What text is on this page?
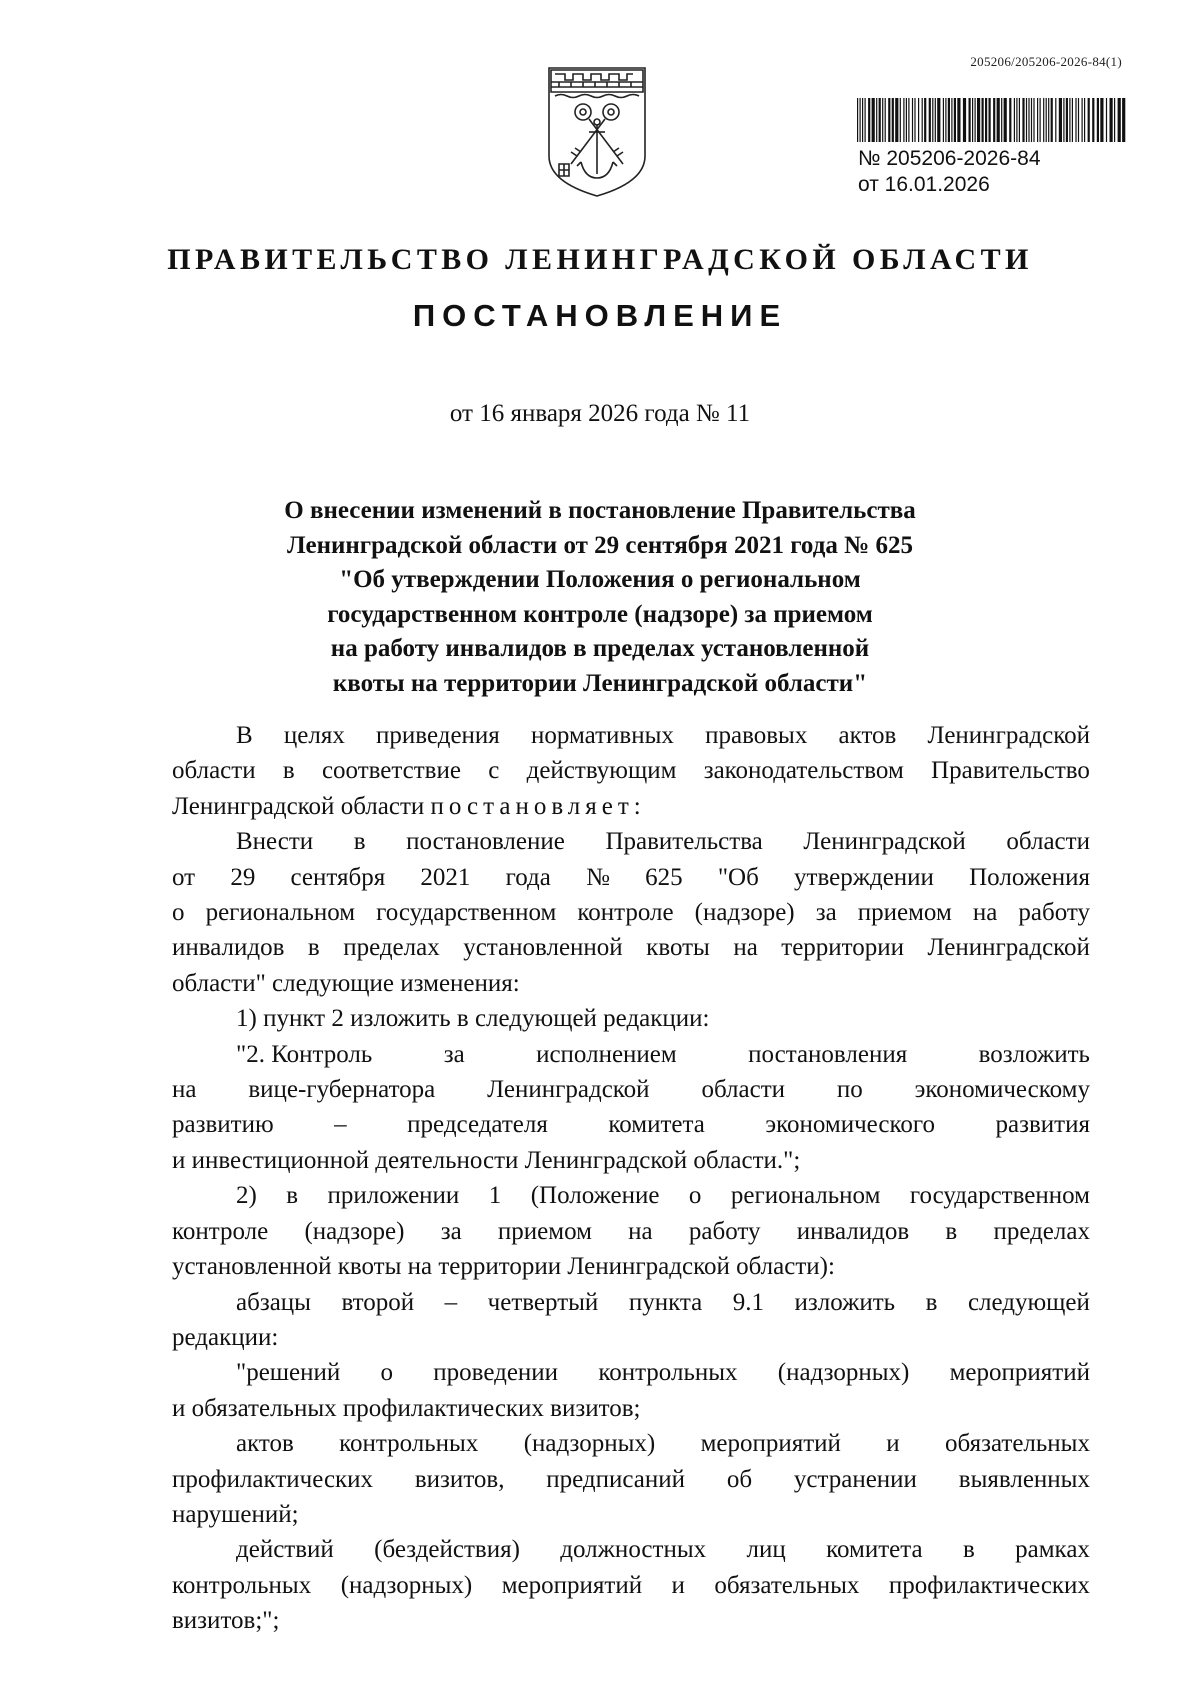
205206/205206-2026-84(1)
№ 205206-2026-84
от 16.01.2026
ПРАВИТЕЛЬСТВО ЛЕНИНГРАДСКОЙ ОБЛАСТИ
ПОСТАНОВЛЕНИЕ
от 16 января 2026 года № 11
О внесении изменений в постановление Правительства
Ленинградской области от 29 сентября 2021 года № 625
"Об утверждении Положения о региональном
государственном контроле (надзоре) за приемом
на работу инвалидов в пределах установленной
квоты на территории Ленинградской области"
В целях приведения нормативных правовых актов Ленинградской
области в соответствие с действующим законодательством Правительство
Ленинградской области постановляет:
Внести в постановление Правительства Ленинградской области
от 29 сентября 2021 года № 625 "Об утверждении Положения
о региональном государственном контроле (надзоре) за приемом на работу
инвалидов в пределах установленной квоты на территории Ленинградской
области" следующие изменения:
1) пункт 2 изложить в следующей редакции:
"2. Контроль	за	исполнением	постановления	возложить
на вице-губернатора Ленинградской области по экономическому
развитию – председателя комитета экономического развития
и инвестиционной деятельности Ленинградской области.";
2) в приложении 1 (Положение о региональном государственном
контроле (надзоре) за приемом на работу инвалидов в пределах
установленной квоты на территории Ленинградской области):
абзацы второй – четвертый пункта 9.1 изложить в следующей
редакции:
"решений о проведении контрольных (надзорных) мероприятий
и обязательных профилактических визитов;
актов контрольных (надзорных) мероприятий и обязательных
профилактических визитов, предписаний об устранении выявленных
нарушений;
действий (бездействия) должностных лиц комитета в рамках
контрольных (надзорных) мероприятий и обязательных профилактических
визитов;";
